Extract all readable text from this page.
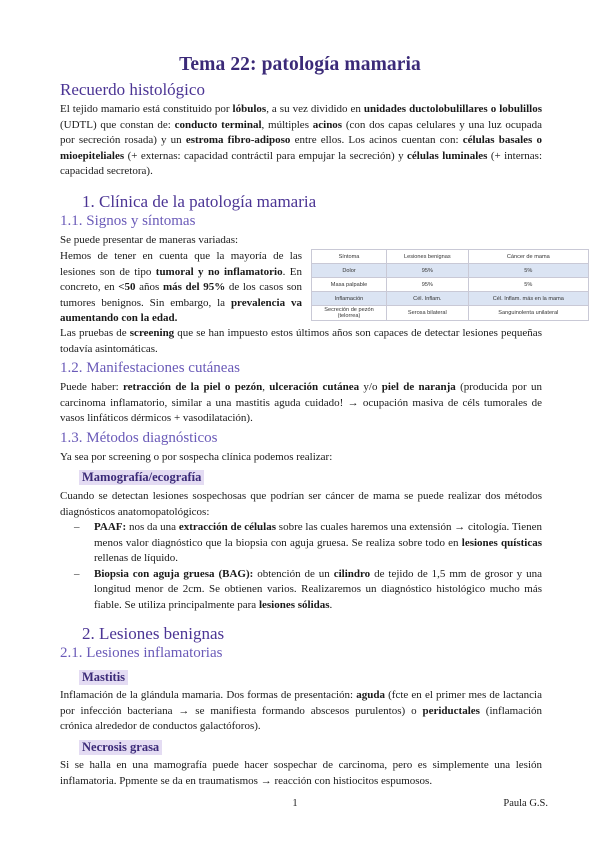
Tema 22: patología mamaria
Recuerdo histológico

El tejido mamario está constituido por lóbulos, a su vez dividido en unidades ductolobulillares o lobulillos (UDTL) que constan de: conducto terminal, múltiples acinos (con dos capas celulares y una luz ocupada por secreción rosada) y un estroma fibro-adiposo entre ellos. Los acinos cuentan con: células basales o mioepiteliales (+ externas: capacidad contráctil para empujar la secreción) y células luminales (+ internas: capacidad secretora).

1. Clínica de la patología mamaria
1.1. Signos y síntomas

Se puede presentar de maneras variadas:

Hemos de tener en cuenta que la mayoría de las lesiones son de tipo tumoral y no inflamatorio. En concreto, en <50 años más del 95% de los casos son tumores benignos. Sin embargo, la prevalencia va aumentando con la edad.

Síntoma	Lesiones benignas	Cáncer de mama
Dolor	95%	5%
Masa palpable	95%	5%
Inflamación	Cél. Inflam.	Cél. Inflam. más en la mama
Secreción de pezón (telorrea)	Serosa bilateral	Sanguinolenta unilateral

Las pruebas de screening que se han impuesto estos últimos años son capaces de detectar lesiones pequeñas todavía asintomáticas.

1.2. Manifestaciones cutáneas

Puede haber: retracción de la piel o pezón, ulceración cutánea y/o piel de naranja (producida por un carcinoma inflamatorio, similar a una mastitis aguda cuidado! → ocupación masiva de céls tumorales de vasos linfáticos dérmicos + vasodilatación).

1.3. Métodos diagnósticos

Ya sea por screening o por sospecha clínica podemos realizar:

Mamografía/ecografía

Cuando se detectan lesiones sospechosas que podrían ser cáncer de mama se puede realizar dos métodos diagnósticos anatomopatológicos:

– PAAF: nos da una extracción de células sobre las cuales haremos una extensión → citología. Tienen menos valor diagnóstico que la biopsia con aguja gruesa. Se realiza sobre todo en lesiones quísticas rellenas de líquido.
– Biopsia con aguja gruesa (BAG): obtención de un cilindro de tejido de 1,5 mm de grosor y una longitud menor de 2cm. Se obtienen varios. Realizaremos un diagnóstico histológico mucho más fiable. Se utiliza principalmente para lesiones sólidas.
2. Lesiones benignas
2.1. Lesiones inflamatorias
Mastitis

Inflamación de la glándula mamaria. Dos formas de presentación: aguda (fcte en el primer mes de lactancia por infección bacteriana → se manifiesta formando abscesos purulentos) o periductales (inflamación crónica alrededor de conductos galactóforos).

Necrosis grasa

Si se halla en una mamografía puede hacer sospechar de carcinoma, pero es simplemente una lesión inflamatoria. Ppmente se da en traumatismos → reacción con histiocitos espumosos.

1	Paula G.S.
